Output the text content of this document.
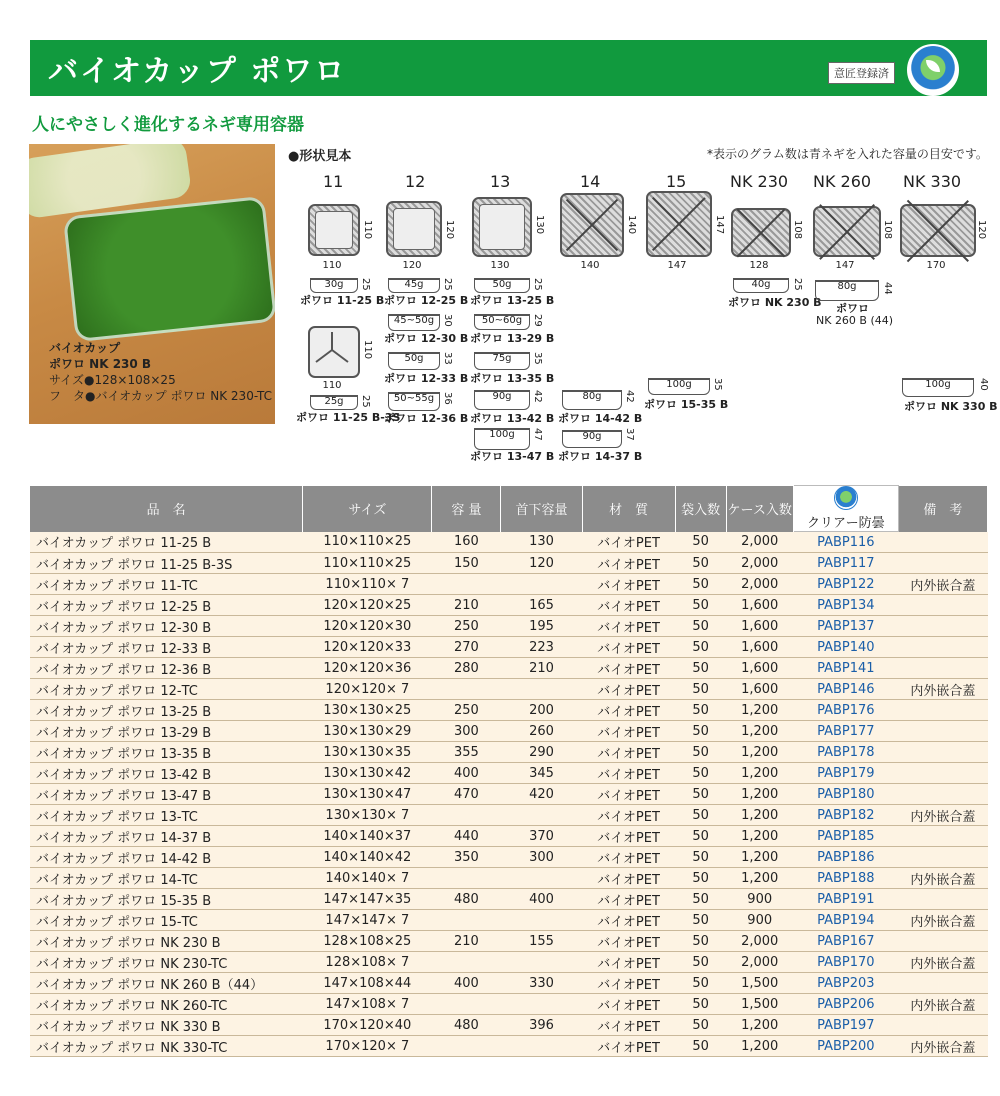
バイオカップ ポワロ	意匠登録済
人にやさしく進化するネギ専用容器
バイオカップ
ポワロ NK 230 B
サイズ●128×108×25
フ　タ●バイオカップ ポワロ NK 230-TC
●形状見本	*表示のグラム数は青ネギを入れた容量の目安です。
11	12	13	14	15	NK 230 NK 260 NK 330
110
110
120
120
130
130
140
140
147
147
128
108
147
108
170
120
110
110
30g	25
ポワロ 11-25 B
25g	25
ポワロ 11-25 B-3S
45g	25
ポワロ 12-25 B
45~50g 30
ポワロ 12-30 B
50g	33
ポワロ 12-33 B
50~55g 36
ポワロ 12-36 B
50g	25
ポワロ 13-25 B
50~60g 29
ポワロ 13-29 B
75g	35
ポワロ 13-35 B
90g	42
ポワロ 13-42 B
100g	47
ポワロ 13-47 B
80g	42
ポワロ 14-42 B
90g	37
ポワロ 14-37 B
100g	35
ポワロ 15-35 B
40g	25
ポワロ NK 230 B
80g	44
ポワロ
NK 260 B (44)
100g	40
ポワロ NK 330 B
品　名	サイズ	容 量	首下容量	材　質	袋入数	ケース入数	クリアー防曇	備　考
バイオカップ ポワロ 11-25 B	110×110×25	160	130	バイオPET	50	2,000	PABP116	
バイオカップ ポワロ 11-25 B-3S	110×110×25	150	120	バイオPET	50	2,000	PABP117	
バイオカップ ポワロ 11-TC	110×110× 7			バイオPET	50	2,000	PABP122	内外嵌合蓋
バイオカップ ポワロ 12-25 B	120×120×25	210	165	バイオPET	50	1,600	PABP134	
バイオカップ ポワロ 12-30 B	120×120×30	250	195	バイオPET	50	1,600	PABP137	
バイオカップ ポワロ 12-33 B	120×120×33	270	223	バイオPET	50	1,600	PABP140	
バイオカップ ポワロ 12-36 B	120×120×36	280	210	バイオPET	50	1,600	PABP141	
バイオカップ ポワロ 12-TC	120×120× 7			バイオPET	50	1,600	PABP146	内外嵌合蓋
バイオカップ ポワロ 13-25 B	130×130×25	250	200	バイオPET	50	1,200	PABP176	
バイオカップ ポワロ 13-29 B	130×130×29	300	260	バイオPET	50	1,200	PABP177	
バイオカップ ポワロ 13-35 B	130×130×35	355	290	バイオPET	50	1,200	PABP178	
バイオカップ ポワロ 13-42 B	130×130×42	400	345	バイオPET	50	1,200	PABP179	
バイオカップ ポワロ 13-47 B	130×130×47	470	420	バイオPET	50	1,200	PABP180	
バイオカップ ポワロ 13-TC	130×130× 7			バイオPET	50	1,200	PABP182	内外嵌合蓋
バイオカップ ポワロ 14-37 B	140×140×37	440	370	バイオPET	50	1,200	PABP185	
バイオカップ ポワロ 14-42 B	140×140×42	350	300	バイオPET	50	1,200	PABP186	
バイオカップ ポワロ 14-TC	140×140× 7			バイオPET	50	1,200	PABP188	内外嵌合蓋
バイオカップ ポワロ 15-35 B	147×147×35	480	400	バイオPET	50	900	PABP191	
バイオカップ ポワロ 15-TC	147×147× 7			バイオPET	50	900	PABP194	内外嵌合蓋
バイオカップ ポワロ NK 230 B	128×108×25	210	155	バイオPET	50	2,000	PABP167	
バイオカップ ポワロ NK 230-TC	128×108× 7			バイオPET	50	2,000	PABP170	内外嵌合蓋
バイオカップ ポワロ NK 260 B（44）	147×108×44	400	330	バイオPET	50	1,500	PABP203	
バイオカップ ポワロ NK 260-TC	147×108× 7			バイオPET	50	1,500	PABP206	内外嵌合蓋
バイオカップ ポワロ NK 330 B	170×120×40	480	396	バイオPET	50	1,200	PABP197	
バイオカップ ポワロ NK 330-TC	170×120× 7			バイオPET	50	1,200	PABP200	内外嵌合蓋
